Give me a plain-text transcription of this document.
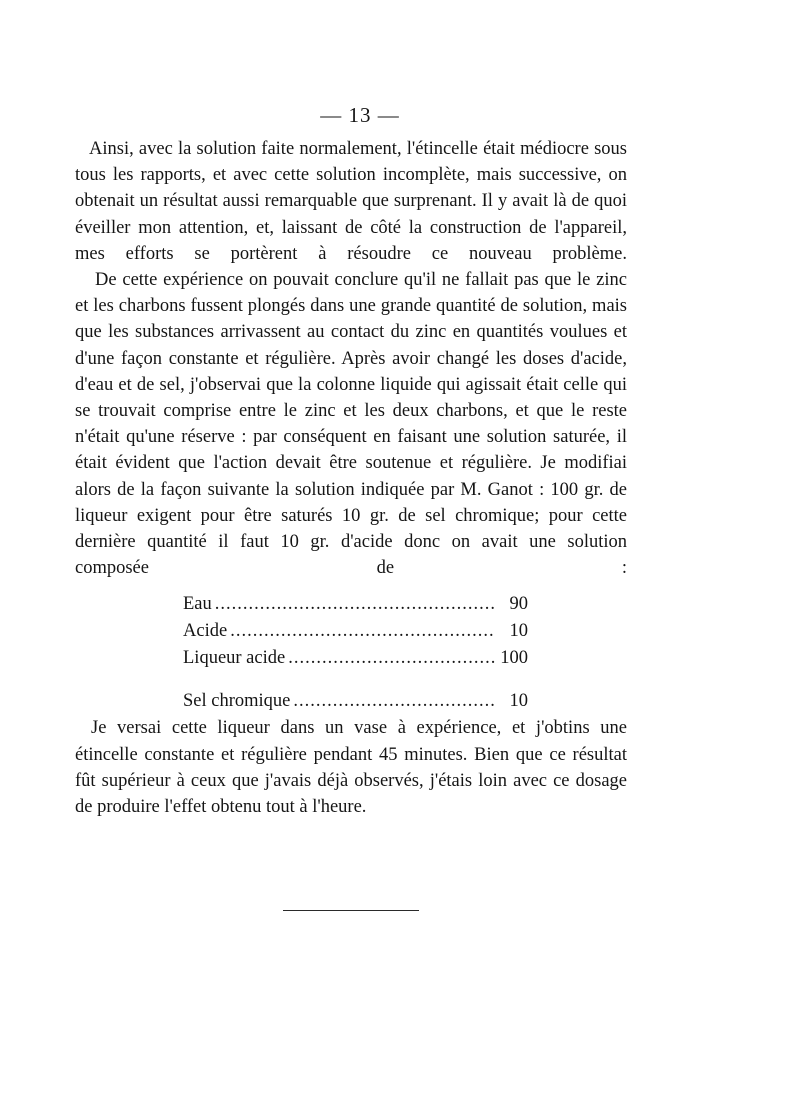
— 13 —

Ainsi, avec la solution faite normalement, l'étincelle était médiocre sous tous les rapports, et avec cette solution incomplète, mais successive, on obtenait un résultat aussi remarquable que surprenant. Il y avait là de quoi éveiller mon attention, et, laissant de côté la construction de l'appareil, mes efforts se portèrent à résoudre ce nouveau problème.

De cette expérience on pouvait conclure qu'il ne fallait pas que le zinc et les charbons fussent plongés dans une grande quantité de solution, mais que les substances arrivassent au contact du zinc en quantités voulues et d'une façon constante et régulière. Après avoir changé les doses d'acide, d'eau et de sel, j'observai que la colonne liquide qui agissait était celle qui se trouvait comprise entre le zinc et les deux charbons, et que le reste n'était qu'une réserve : par conséquent en faisant une solution saturée, il était évident que l'action devait être soutenue et régulière. Je modifiai alors de la façon suivante la solution indiquée par M. Ganot : 100 gr. de liqueur exigent pour être saturés 10 gr. de sel chromique; pour cette dernière quantité il faut 10 gr. d'acide donc on avait une solution composée de :

Eau .....	90
Acide .....	10
Liqueur acide .....	100
Sel chromique .....	10

Je versai cette liqueur dans un vase à expérience, et j'obtins une étincelle constante et régulière pendant 45 minutes. Bien que ce résultat fût supérieur à ceux que j'avais déjà observés, j'étais loin avec ce dosage de produire l'effet obtenu tout à l'heure.
